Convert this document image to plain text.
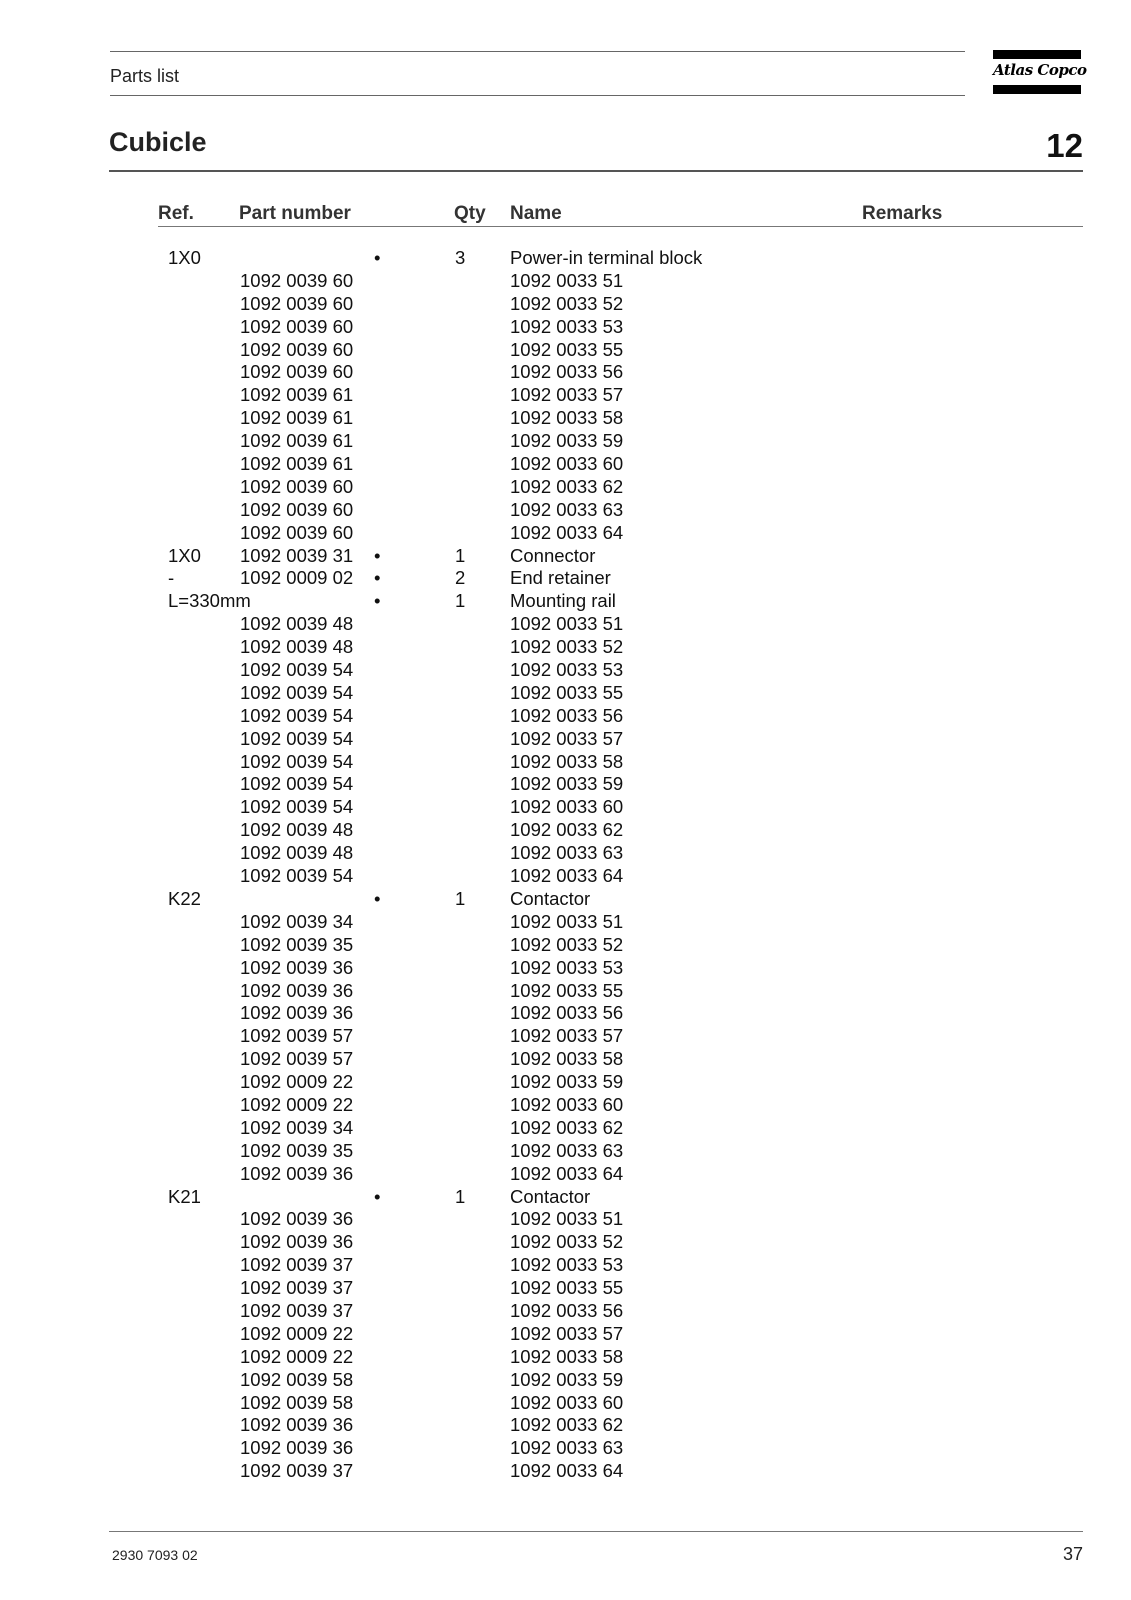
Parts list	Atlas Copco
Cubicle	12
Ref. Part number	Qty Name	Remarks
1X0	•	3 Power-in terminal block
1092 0039 60	1092 0033 51
1092 0039 60	1092 0033 52
1092 0039 60	1092 0033 53
1092 0039 60	1092 0033 55
1092 0039 60	1092 0033 56
1092 0039 61	1092 0033 57
1092 0039 61	1092 0033 58
1092 0039 61	1092 0033 59
1092 0039 61	1092 0033 60
1092 0039 60	1092 0033 62
1092 0039 60	1092 0033 63
1092 0039 60	1092 0033 64
1X0 1092 0039 31 •	1 Connector
-	1092 0009 02 •	2 End retainer
L=330mm	•	1 Mounting rail
1092 0039 48	1092 0033 51
1092 0039 48	1092 0033 52
1092 0039 54	1092 0033 53
1092 0039 54	1092 0033 55
1092 0039 54	1092 0033 56
1092 0039 54	1092 0033 57
1092 0039 54	1092 0033 58
1092 0039 54	1092 0033 59
1092 0039 54	1092 0033 60
1092 0039 48	1092 0033 62
1092 0039 48	1092 0033 63
1092 0039 54	1092 0033 64
K22	•	1 Contactor
1092 0039 34	1092 0033 51
1092 0039 35	1092 0033 52
1092 0039 36	1092 0033 53
1092 0039 36	1092 0033 55
1092 0039 36	1092 0033 56
1092 0039 57	1092 0033 57
1092 0039 57	1092 0033 58
1092 0009 22	1092 0033 59
1092 0009 22	1092 0033 60
1092 0039 34	1092 0033 62
1092 0039 35	1092 0033 63
1092 0039 36	1092 0033 64
K21	•	1 Contactor
1092 0039 36	1092 0033 51
1092 0039 36	1092 0033 52
1092 0039 37	1092 0033 53
1092 0039 37	1092 0033 55
1092 0039 37	1092 0033 56
1092 0009 22	1092 0033 57
1092 0009 22	1092 0033 58
1092 0039 58	1092 0033 59
1092 0039 58	1092 0033 60
1092 0039 36	1092 0033 62
1092 0039 36	1092 0033 63
1092 0039 37	1092 0033 64
2930 7093 02	37
